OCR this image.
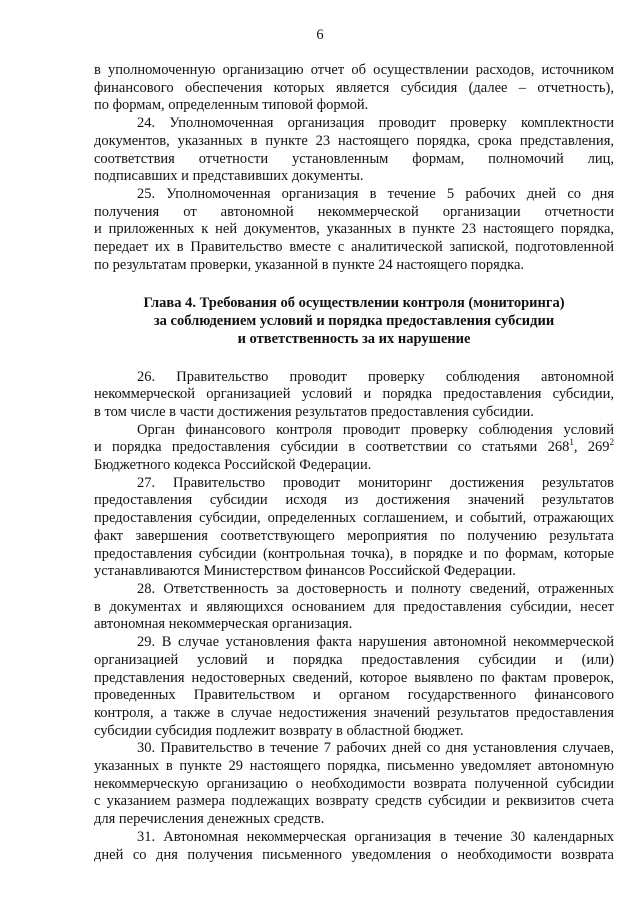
6

в уполномоченную организацию отчет об осуществлении расходов, источником

финансового обеспечения которых является субсидия (далее – отчетность),

по формам, определенным типовой формой.

24. Уполномоченная организация проводит проверку комплектности

документов, указанных в пункте 23 настоящего порядка, срока представления,

соответствия отчетности установленным формам, полномочий лиц,

подписавших и представивших документы.

25. Уполномоченная организация в течение 5 рабочих дней со дня

получения от автономной некоммерческой организации отчетности

и приложенных к ней документов, указанных в пункте 23 настоящего порядка,

передает их в Правительство вместе с аналитической запиской, подготовленной

по результатам проверки, указанной в пункте 24 настоящего порядка.

Глава 4. Требования об осуществлении контроля (мониторинга)
за соблюдением условий и порядка предоставления субсидии
и ответственность за их нарушение

26. Правительство проводит проверку соблюдения автономной

некоммерческой организацией условий и порядка предоставления субсидии,

в том числе в части достижения результатов предоставления субсидии.

Орган финансового контроля проводит проверку соблюдения условий

и порядка предоставления субсидии в соответствии со статьями $268^1$, $269^2$

Бюджетного кодекса Российской Федерации.

27. Правительство проводит мониторинг достижения результатов

предоставления субсидии исходя из достижения значений результатов

предоставления субсидии, определенных соглашением, и событий, отражающих

факт завершения соответствующего мероприятия по получению результата

предоставления субсидии (контрольная точка), в порядке и по формам, которые

устанавливаются Министерством финансов Российской Федерации.

28. Ответственность за достоверность и полноту сведений, отраженных

в документах и являющихся основанием для предоставления субсидии, несет

автономная некоммерческая организация.

29. В случае установления факта нарушения автономной некоммерческой

организацией условий и порядка предоставления субсидии и (или)

представления недостоверных сведений, которое выявлено по фактам проверок,

проведенных Правительством и органом государственного финансового

контроля, а также в случае недостижения значений результатов предоставления

субсидии субсидия подлежит возврату в областной бюджет.

30. Правительство в течение 7 рабочих дней со дня установления случаев,

указанных в пункте 29 настоящего порядка, письменно уведомляет автономную

некоммерческую организацию о необходимости возврата полученной субсидии

с указанием размера подлежащих возврату средств субсидии и реквизитов счета

для перечисления денежных средств.

31. Автономная некоммерческая организация в течение 30 календарных

дней со дня получения письменного уведомления о необходимости возврата
